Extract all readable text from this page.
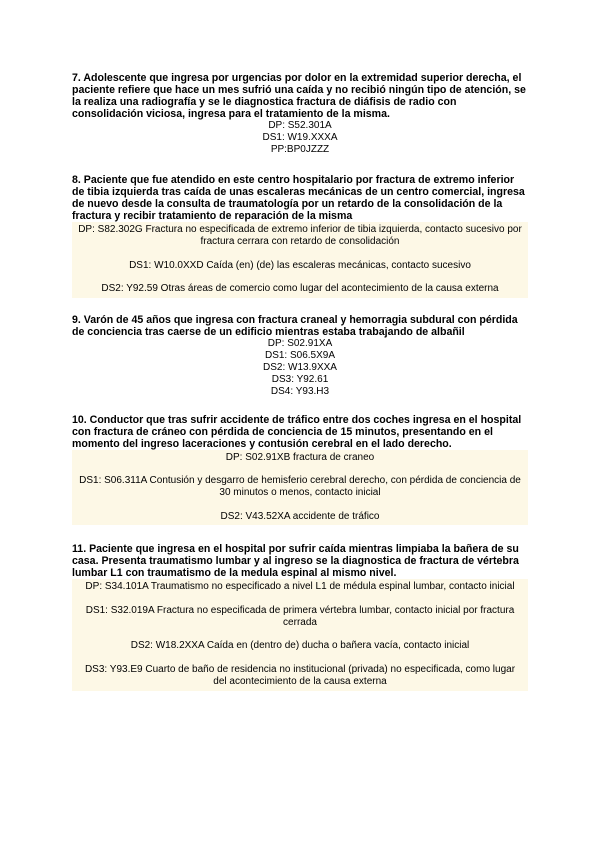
7. Adolescente que ingresa por urgencias por dolor en la extremidad superior derecha, el paciente refiere que hace un mes sufrió una caída y no recibió ningún tipo de atención, se la realiza una radiografía y se le diagnostica fractura de diáfisis de radio con consolidación viciosa, ingresa para el tratamiento de la misma.

DP: S52.301A
DS1: W19.XXXA
PP:BP0JZZZ

8. Paciente que fue atendido en este centro hospitalario por fractura de extremo inferior de tibia izquierda tras caída de unas escaleras mecánicas de un centro comercial, ingresa de nuevo desde la consulta de traumatología por un retardo de la consolidación de la fractura y recibir tratamiento de reparación de la misma

DP: S82.302G Fractura no especificada de extremo inferior de tibia izquierda, contacto sucesivo por fractura cerrara con retardo de consolidación
DS1: W10.0XXD Caída (en) (de) las escaleras mecánicas, contacto sucesivo
DS2: Y92.59 Otras áreas de comercio como lugar del acontecimiento de la causa externa

9. Varón de 45 años que ingresa con fractura craneal y hemorragia subdural con pérdida de conciencia tras caerse de un edificio mientras estaba trabajando de albañil

DP: S02.91XA
DS1: S06.5X9A
DS2: W13.9XXA
DS3: Y92.61
DS4: Y93.H3

10. Conductor que tras sufrir accidente de tráfico entre dos coches ingresa en el hospital con fractura de cráneo con pérdida de conciencia de 15 minutos, presentando en el momento del ingreso laceraciones y contusión cerebral en el lado derecho.

DP: S02.91XB fractura de craneo
DS1: S06.311A Contusión y desgarro de hemisferio cerebral derecho, con pérdida de conciencia de 30 minutos o menos, contacto inicial
DS2: V43.52XA accidente de tráfico

11. Paciente que ingresa en el hospital por sufrir caída mientras limpiaba la bañera de su casa. Presenta traumatismo lumbar y al ingreso se la diagnostica de fractura de vértebra lumbar L1 con traumatismo de la medula espinal al mismo nivel.

DP: S34.101A Traumatismo no especificado a nivel L1 de médula espinal lumbar, contacto inicial
DS1: S32.019A Fractura no especificada de primera vértebra lumbar, contacto inicial por fractura cerrada
DS2: W18.2XXA Caída en (dentro de) ducha o bañera vacía, contacto inicial
DS3: Y93.E9 Cuarto de baño de residencia no institucional (privada) no especificada, como lugar del acontecimiento de la causa externa
